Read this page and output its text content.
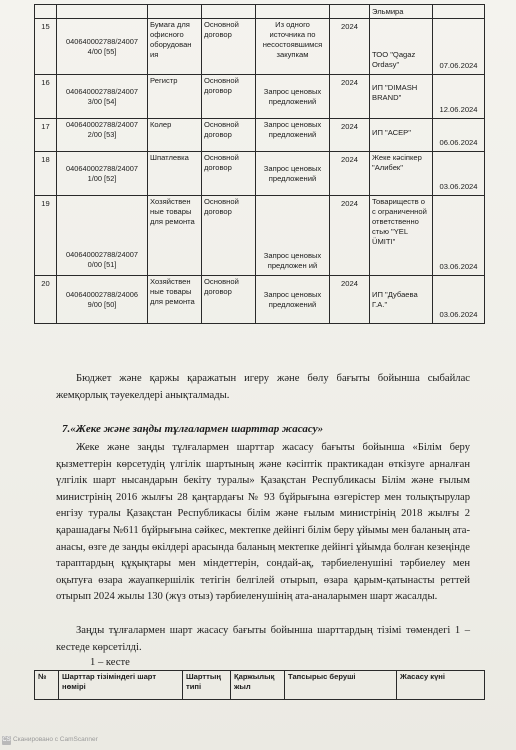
						Эльмира	
15	040640002788/24007 4/00 [55]	Бумага для офисного оборудован ия	Основной договор	Из одного источника по несостоявшимся закупкам	2024	ТОО "Qagaz Ordasy"	07.06.2024
16	040640002788/24007 3/00 [54]	Регистр	Основной договор	Запрос ценовых предложений	2024	ИП "DIMASH BRAND"	12.06.2024
17	040640002788/24007 2/00 [53]	Колер	Основной договор	Запрос ценовых предложений	2024	ИП "АСЕР"	06.06.2024
18	040640002788/24007 1/00 [52]	Шпатлевка	Основной договор	Запрос ценовых предложений	2024	Жеке кәсіпкер "Алибек"	03.06.2024
19	040640002788/24007 0/00 [51]	Хозяйствен ные товары для ремонта	Основной договор	Запрос ценовых предложен ий	2024	Товариществ о с ограниченной ответственно стью "YEL ÜMITI"	03.06.2024
20	040640002788/24006 9/00 [50]	Хозяйствен ные товары для ремонта	Основной договор	Запрос ценовых предложений	2024	ИП "Дубаева Г.А."	03.06.2024
Бюджет және қаржы қаражатын игеру және бөлу бағыты бойынша сыбайлас жемқорлық тәуекелдері анықталмады.
7.«Жеке және заңды тұлғалармен шарттар жасасу»
Жеке және заңды тұлғалармен шарттар жасасу бағыты бойынша «Білім беру қызметтерін көрсетудің үлгілік шартының және кәсіптік практикадан өткізуге арналған үлгілік шарт нысандарын бекіту туралы» Қазақстан Республикасы Білім және ғылым министрінің 2016 жылғы 28 қаңтардағы № 93 бұйрығына өзгерістер мен толықтырулар енгізу туралы Қазақстан Республикасы білім және ғылым министрінің 2018 жылғы 2 қарашадағы №611 бұйрығына сәйкес, мектепке дейінгі білім беру ұйымы мен баланың ата-анасы, өзге де заңды өкілдері арасында баланың мектепке дейінгі ұйымда болған кезеңінде тараптардың құқықтары мен міндеттерін, сондай-ақ, тәрбиеленушіні тәрбиелеу мен оқытуға өзара жауапкершілік тетігін белгілей отырып, өзара қарым-қатынасты реттей отырып 2024 жылы 130 (жүз отыз) тәрбиеленушінің ата-аналарымен шарт жасалды.
Заңды тұлғалармен шарт жасасу бағыты бойынша шарттардың тізімі төмендегі 1 – кестеде көрсетілді.
1 – кесте
№	Шарттар тізіміндегі шарт нөмірі	Шарттың типі	Қаржылық жыл	Тапсырыс беруші	Жасасу күні
CS Сканировано с CamScanner
